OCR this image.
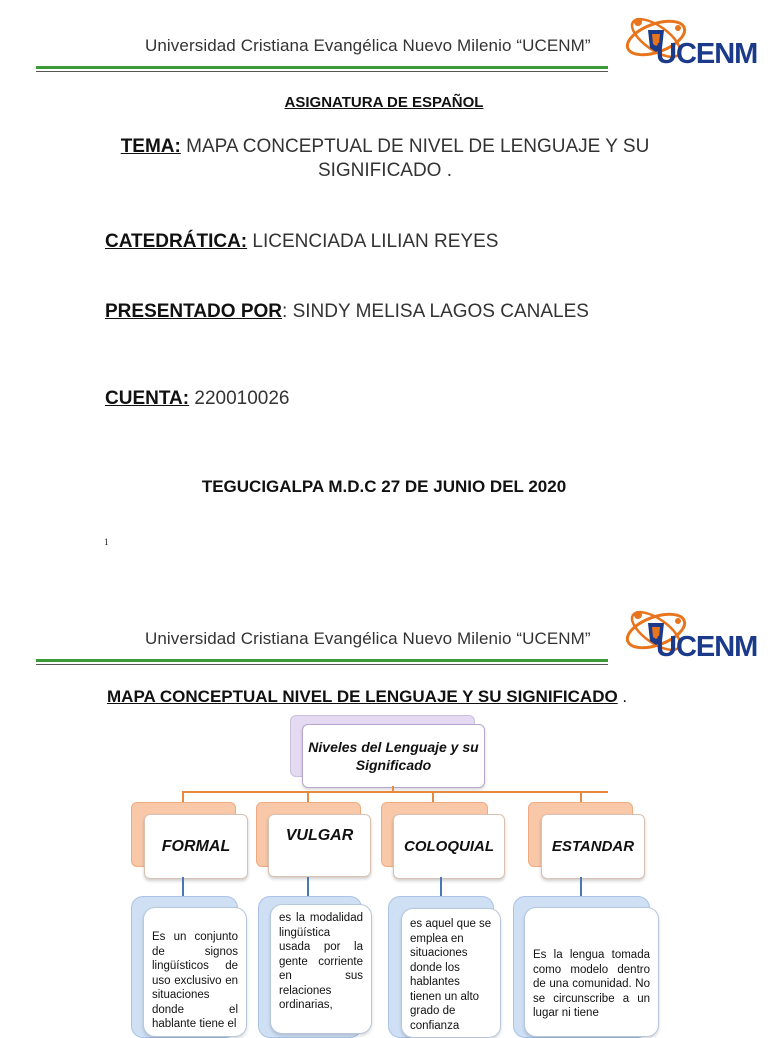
Universidad Cristiana Evangélica Nuevo Milenio “UCENM” UCENM
ASIGNATURA DE ESPAÑOL
TEMA: MAPA CONCEPTUAL DE NIVEL DE LENGUAJE Y SU SIGNIFICADO .
CATEDRÁTICA: LICENCIADA LILIAN REYES
PRESENTADO POR: SINDY MELISA LAGOS CANALES
CUENTA: 220010026
TEGUCIGALPA M.D.C 27 DE JUNIO DEL 2020
1
Universidad Cristiana Evangélica Nuevo Milenio “UCENM” UCENM
MAPA CONCEPTUAL NIVEL DE LENGUAJE Y SU SIGNIFICADO .
Niveles del Lenguaje y su Significado
FORMAL
VULGAR
COLOQUIAL	ESTANDAR
Es un conjunto de signos lingüísticos de uso exclusivo en situaciones donde el hablante tiene el
es la modalidad lingüística usada por la gente corriente en sus relaciones ordinarias,
es aquel que se emplea en situaciones donde los hablantes tienen un alto grado de confianza
Es la lengua tomada como modelo dentro de una comunidad. No se circunscribe a un lugar ni tiene
